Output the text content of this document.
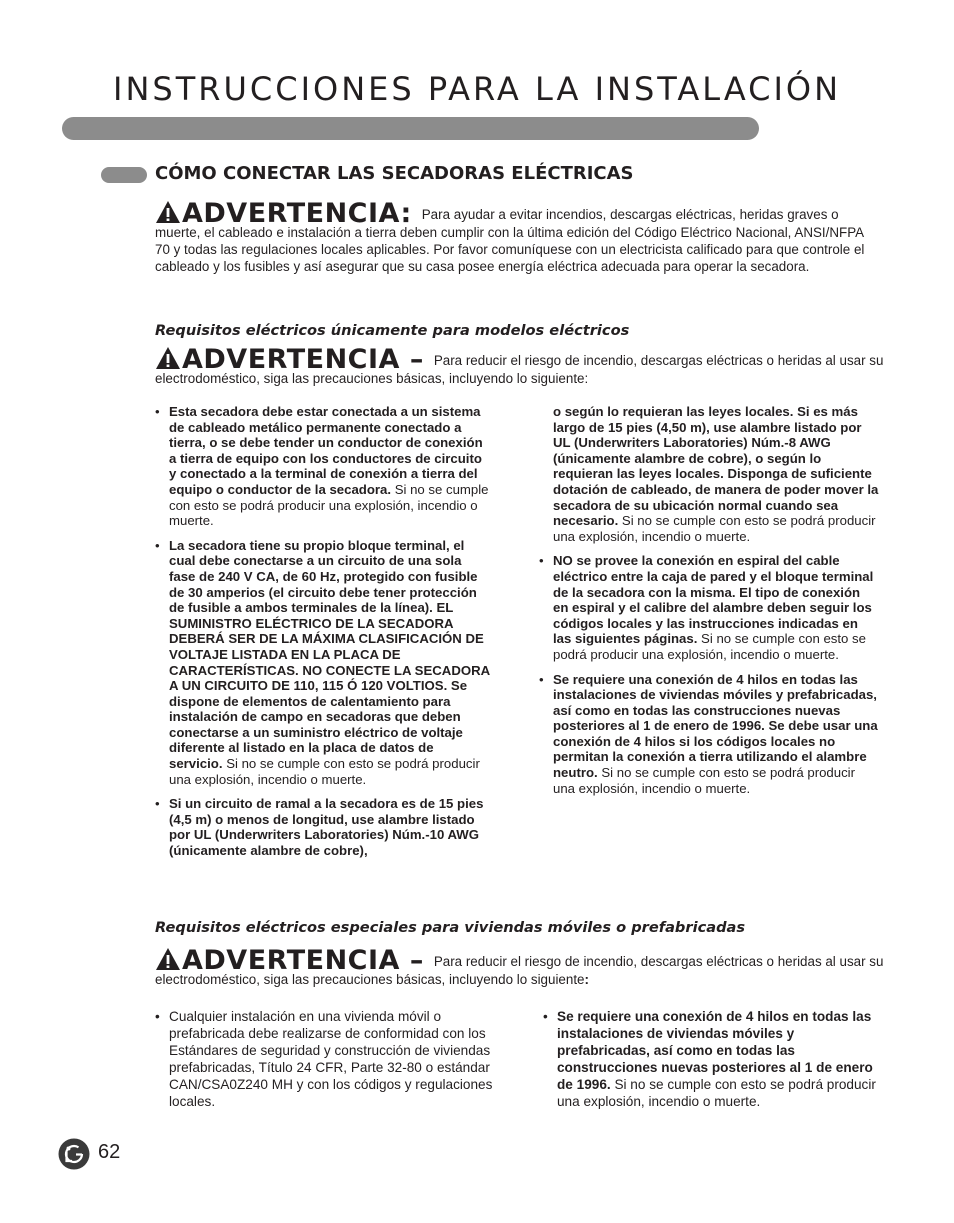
INSTRUCCIONES PARA LA INSTALACIÓN
CÓMO CONECTAR LAS SECADORAS ELÉCTRICAS
ADVERTENCIA: Para ayudar a evitar incendios, descargas eléctricas, heridas graves o muerte, el cableado e instalación a tierra deben cumplir con la última edición del Código Eléctrico Nacional, ANSI/NFPA 70 y todas las regulaciones locales aplicables. Por favor comuníquese con un electricista calificado para que controle el cableado y los fusibles y así asegurar que su casa posee energía eléctrica adecuada para operar la secadora.
Requisitos eléctricos únicamente para modelos eléctricos
ADVERTENCIA – Para reducir el riesgo de incendio, descargas eléctricas o heridas al usar su electrodoméstico, siga las precauciones básicas, incluyendo lo siguiente:
• Esta secadora debe estar conectada a un sistema de cableado metálico permanente conectado a tierra, o se debe tender un conductor de conexión a tierra de equipo con los conductores de circuito y conectado a la terminal de conexión a tierra del equipo o conductor de la secadora. Si no se cumple con esto se podrá producir una explosión, incendio o muerte.
• La secadora tiene su propio bloque terminal, el cual debe conectarse a un circuito de una sola fase de 240 V CA, de 60 Hz, protegido con fusible de 30 amperios (el circuito debe tener protección de fusible a ambos terminales de la línea). EL SUMINISTRO ELÉCTRICO DE LA SECADORA DEBERÁ SER DE LA MÁXIMA CLASIFICACIÓN DE VOLTAJE LISTADA EN LA PLACA DE CARACTERÍSTICAS. NO CONECTE LA SECADORA A UN CIRCUITO DE 110, 115 Ó 120 VOLTIOS. Se dispone de elementos de calentamiento para instalación de campo en secadoras que deben conectarse a un suministro eléctrico de voltaje diferente al listado en la placa de datos de servicio. Si no se cumple con esto se podrá producir una explosión, incendio o muerte.
• Si un circuito de ramal a la secadora es de 15 pies (4,5 m) o menos de longitud, use alambre listado por UL (Underwriters Laboratories) Núm.-10 AWG (únicamente alambre de cobre),
o según lo requieran las leyes locales. Si es más largo de 15 pies (4,50 m), use alambre listado por UL (Underwriters Laboratories) Núm.-8 AWG (únicamente alambre de cobre), o según lo requieran las leyes locales. Disponga de suficiente dotación de cableado, de manera de poder mover la secadora de su ubicación normal cuando sea necesario. Si no se cumple con esto se podrá producir una explosión, incendio o muerte.
• NO se provee la conexión en espiral del cable eléctrico entre la caja de pared y el bloque terminal de la secadora con la misma. El tipo de conexión en espiral y el calibre del alambre deben seguir los códigos locales y las instrucciones indicadas en las siguientes páginas. Si no se cumple con esto se podrá producir una explosión, incendio o muerte.
• Se requiere una conexión de 4 hilos en todas las instalaciones de viviendas móviles y prefabricadas, así como en todas las construcciones nuevas posteriores al 1 de enero de 1996. Se debe usar una conexión de 4 hilos si los códigos locales no permitan la conexión a tierra utilizando el alambre neutro. Si no se cumple con esto se podrá producir una explosión, incendio o muerte.
Requisitos eléctricos especiales para viviendas móviles o prefabricadas
ADVERTENCIA – Para reducir el riesgo de incendio, descargas eléctricas o heridas al usar su electrodoméstico, siga las precauciones básicas, incluyendo lo siguiente:
• Cualquier instalación en una vivienda móvil o prefabricada debe realizarse de conformidad con los Estándares de seguridad y construcción de viviendas prefabricadas, Título 24 CFR, Parte 32-80 o estándar CAN/CSA0Z240 MH y con los códigos y regulaciones locales.
• Se requiere una conexión de 4 hilos en todas las instalaciones de viviendas móviles y prefabricadas, así como en todas las construcciones nuevas posteriores al 1 de enero de 1996. Si no se cumple con esto se podrá producir una explosión, incendio o muerte.
62
